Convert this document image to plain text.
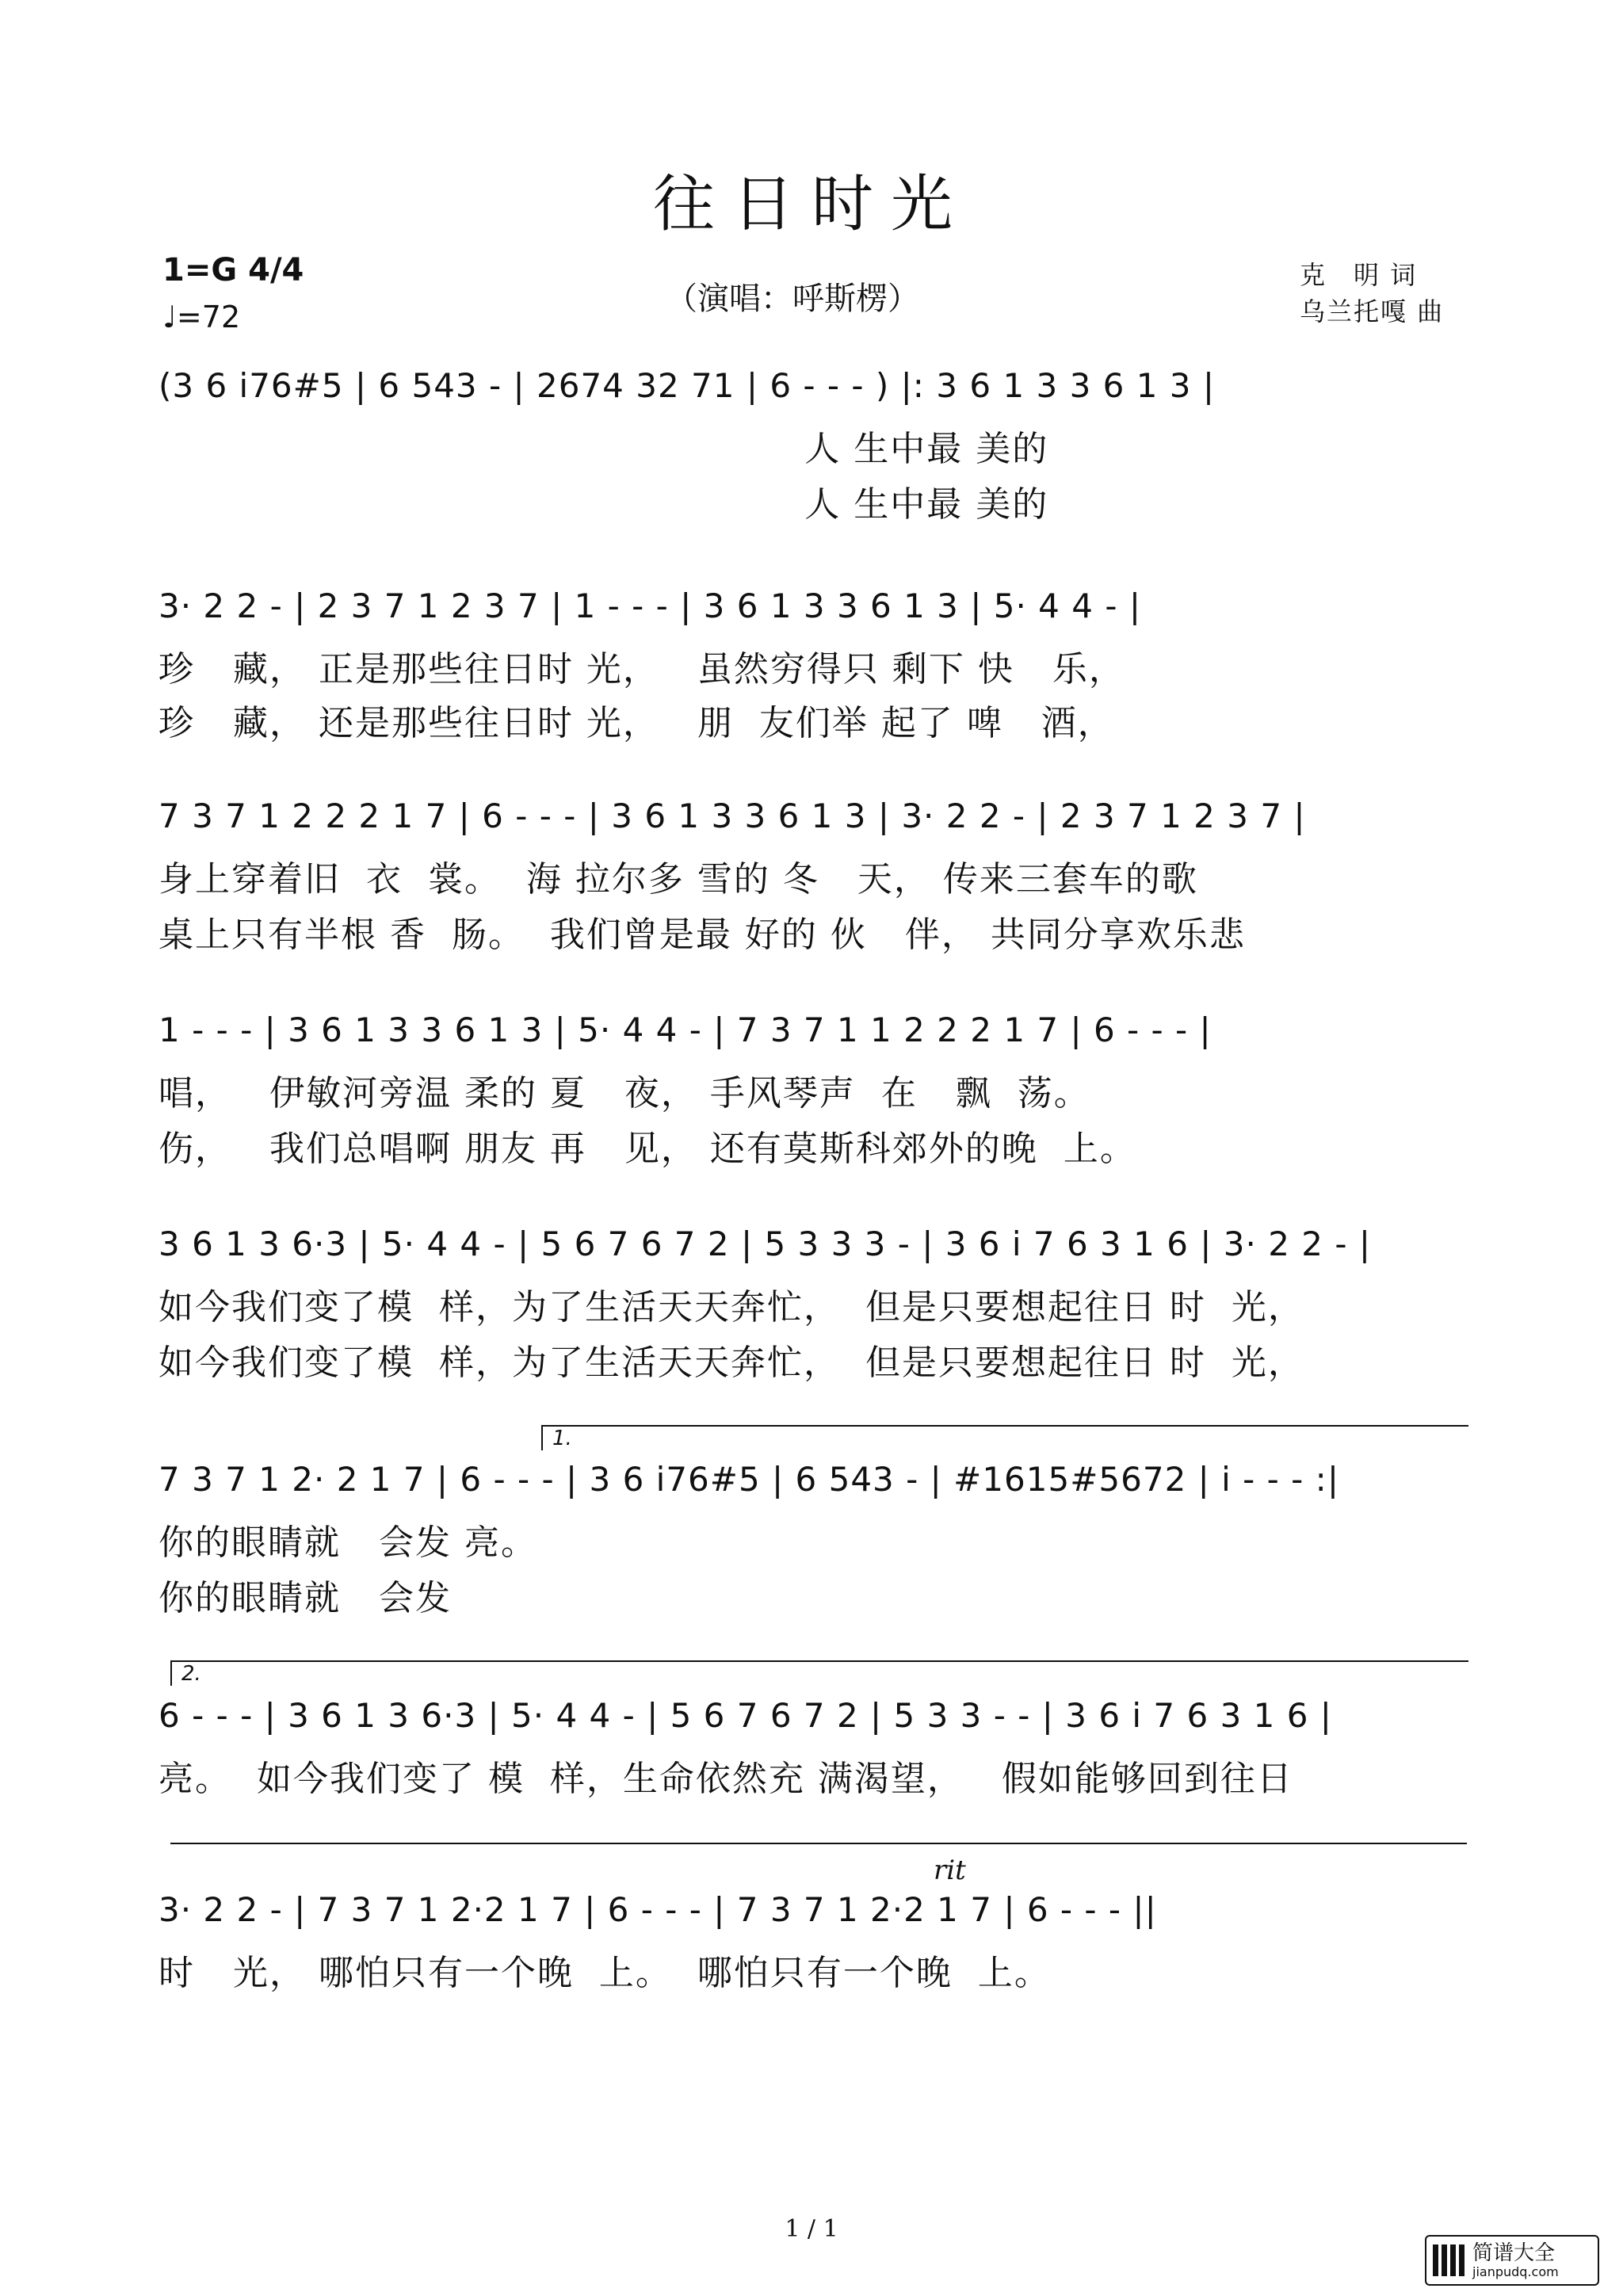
往日时光
1=G 4/4
♩=72	（演唱：呼斯楞）
克　明 词
乌兰托嘎 曲
(3 6 i76#5 | 6 543 - | 2674 32 71 | 6 - - - ) |: 3 6 1 3 3 6 1 3 |
人 生中最 美的
人 生中最 美的
3· 2 2 - | 2 3 7 1 2 3 7 | 1 - - - | 3 6 1 3 3 6 1 3 | 5· 4 4 - |
珍   藏， 正是那些往日时 光，   虽然穷得只 剩下 快   乐，
珍   藏， 还是那些往日时 光，   朋  友们举 起了 啤   酒，
7 3 7 1 2 2 2 1 7 | 6 - - - | 3 6 1 3 3 6 1 3 | 3· 2 2 - | 2 3 7 1 2 3 7 |
身上穿着旧  衣  裳。  海 拉尔多 雪的 冬   天， 传来三套车的歌
桌上只有半根 香  肠。  我们曾是最 好的 伙   伴， 共同分享欢乐悲
1 - - - | 3 6 1 3 3 6 1 3 | 5· 4 4 - | 7 3 7 1 1 2 2 2 1 7 | 6 - - - |
唱，   伊敏河旁温 柔的 夏   夜， 手风琴声  在   飘  荡。
伤，   我们总唱啊 朋友 再   见， 还有莫斯科郊外的晚  上。
3 6 1 3 6·3 | 5· 4 4 - | 5 6 7 6 7 2 | 5 3 3 3 - | 3 6 i 7 6 3 1 6 | 3· 2 2 - |
如今我们变了模  样，为了生活天天奔忙，  但是只要想起往日 时  光，
如今我们变了模  样，为了生活天天奔忙，  但是只要想起往日 时  光，
1.
7 3 7 1 2· 2 1 7 | 6 - - - | 3 6 i76#5 | 6 543 - | #1615#5672 | i - - - :|
你的眼睛就   会发 亮。
你的眼睛就   会发
2.
6 - - - | 3 6 1 3 6·3 | 5· 4 4 - | 5 6 7 6 7 2 | 5 3 3 - - | 3 6 i 7 6 3 1 6 |
亮。  如今我们变了 模  样，生命依然充 满渴望，   假如能够回到往日
rit
3· 2 2 - | 7 3 7 1 2·2 1 7 | 6 - - - | 7 3 7 1 2·2 1 7 | 6 - - - ||
时   光， 哪怕只有一个晚  上。  哪怕只有一个晚  上。
1 / 1
简谱大全
jianpudq.com
